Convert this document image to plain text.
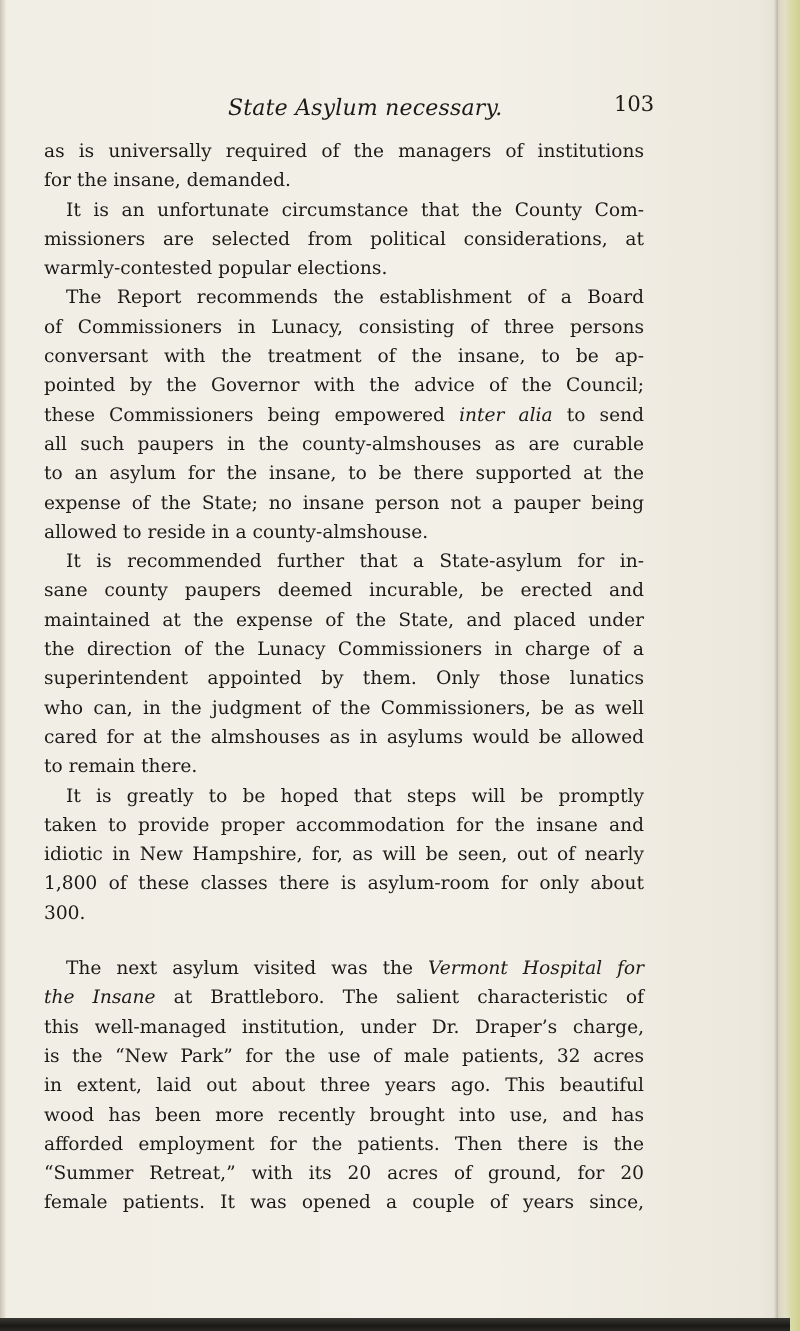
State Asylum necessary.	103
as is universally required of the managers of institutions
for the insane, demanded.
It is an unfortunate circumstance that the County Com-
missioners are selected from political considerations, at
warmly-contested popular elections.
The Report recommends the establishment of a Board
of Commissioners in Lunacy, consisting of three persons
conversant with the treatment of the insane, to be ap-
pointed by the Governor with the advice of the Council;
these Commissioners being empowered inter alia to send
all such paupers in the county-almshouses as are curable
to an asylum for the insane, to be there supported at the
expense of the State; no insane person not a pauper being
allowed to reside in a county-almshouse.
It is recommended further that a State-asylum for in-
sane county paupers deemed incurable, be erected and
maintained at the expense of the State, and placed under
the direction of the Lunacy Commissioners in charge of a
superintendent appointed by them. Only those lunatics
who can, in the judgment of the Commissioners, be as well
cared for at the almshouses as in asylums would be allowed
to remain there.
It is greatly to be hoped that steps will be promptly
taken to provide proper accommodation for the insane and
idiotic in New Hampshire, for, as will be seen, out of nearly
1,800 of these classes there is asylum-room for only about
300.
The next asylum visited was the Vermont Hospital for
the Insane at Brattleboro. The salient characteristic of
this well-managed institution, under Dr. Draper’s charge,
is the “New Park” for the use of male patients, 32 acres
in extent, laid out about three years ago. This beautiful
wood has been more recently brought into use, and has
afforded employment for the patients. Then there is the
“Summer Retreat,” with its 20 acres of ground, for 20
female patients. It was opened a couple of years since,
